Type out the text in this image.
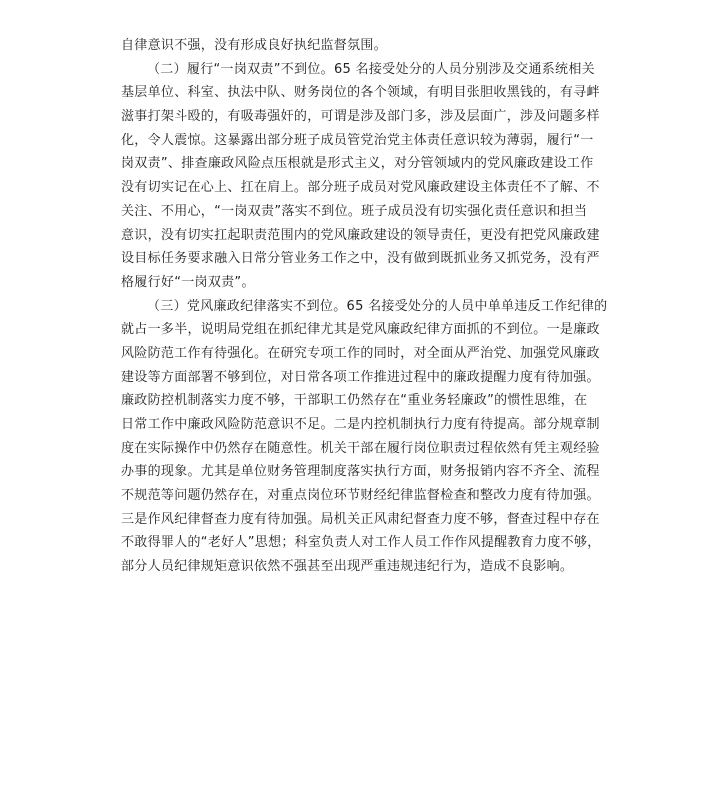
自律意识不强，没有形成良好执纪监督氛围。
（二）履行“一岗双责”不到位。65 名接受处分的人员分别涉及交通系统相关
基层单位、科室、执法中队、财务岗位的各个领域，有明目张胆收黑钱的，有寻衅
滋事打架斗殴的，有吸毒强奸的，可谓是涉及部门多，涉及层面广，涉及问题多样
化，令人震惊。这暴露出部分班子成员管党治党主体责任意识较为薄弱，履行“一
岗双责”、排查廉政风险点压根就是形式主义，对分管领域内的党风廉政建设工作
没有切实记在心上、扛在肩上。部分班子成员对党风廉政建设主体责任不了解、不
关注、不用心，“一岗双责”落实不到位。班子成员没有切实强化责任意识和担当
意识，没有切实扛起职责范围内的党风廉政建设的领导责任，更没有把党风廉政建
设目标任务要求融入日常分管业务工作之中，没有做到既抓业务又抓党务，没有严
格履行好“一岗双责”。
（三）党风廉政纪律落实不到位。65 名接受处分的人员中单单违反工作纪律的
就占一多半，说明局党组在抓纪律尤其是党风廉政纪律方面抓的不到位。一是廉政
风险防范工作有待强化。在研究专项工作的同时，对全面从严治党、加强党风廉政
建设等方面部署不够到位，对日常各项工作推进过程中的廉政提醒力度有待加强。
廉政防控机制落实力度不够，干部职工仍然存在“重业务轻廉政”的惯性思维，在
日常工作中廉政风险防范意识不足。二是内控机制执行力度有待提高。部分规章制
度在实际操作中仍然存在随意性。机关干部在履行岗位职责过程依然有凭主观经验
办事的现象。尤其是单位财务管理制度落实执行方面，财务报销内容不齐全、流程
不规范等问题仍然存在，对重点岗位环节财经纪律监督检查和整改力度有待加强。
三是作风纪律督查力度有待加强。局机关正风肃纪督查力度不够，督查过程中存在
不敢得罪人的“老好人”思想；科室负责人对工作人员工作作风提醒教育力度不够，
部分人员纪律规矩意识依然不强甚至出现严重违规违纪行为，造成不良影响。
